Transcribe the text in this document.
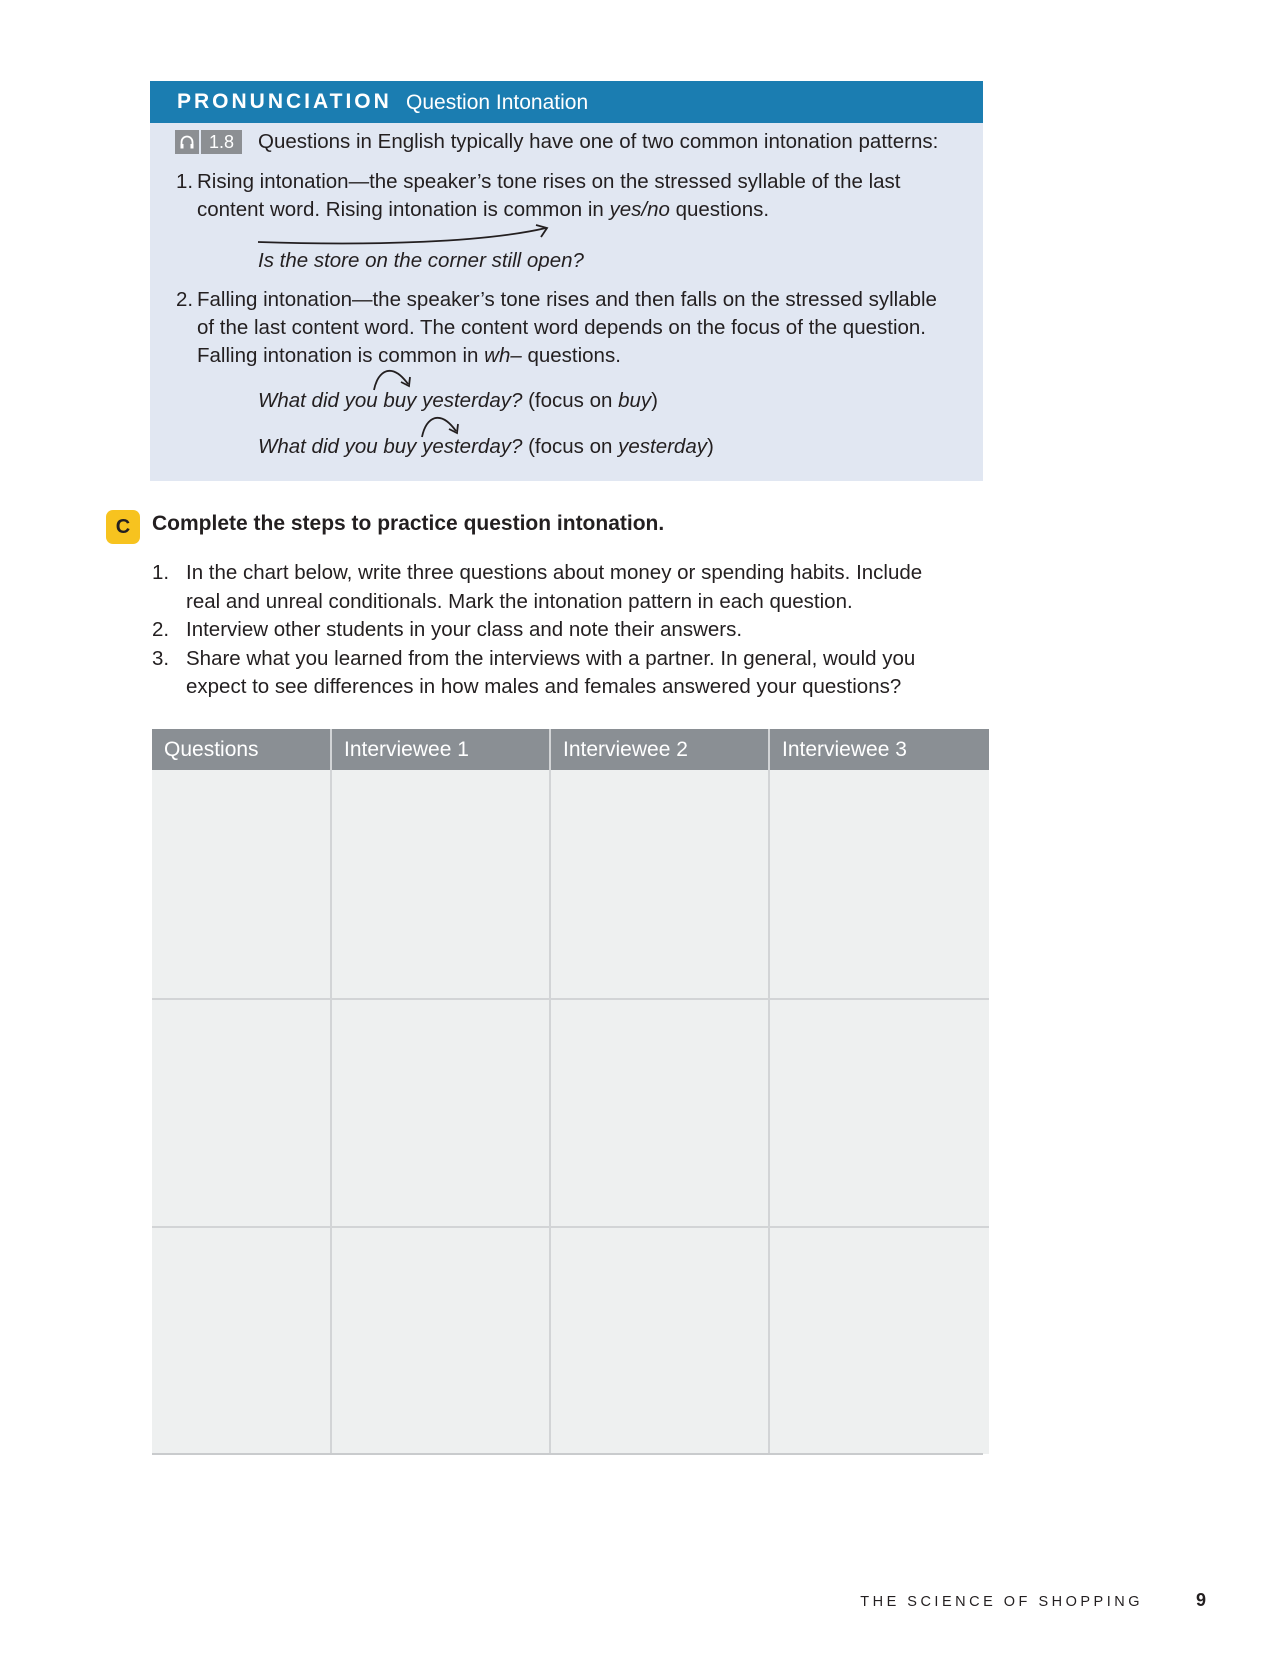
PRONUNCIATION Question Intonation
1.8	Questions in English typically have one of two common intonation patterns:
1. Rising intonation—the speaker’s tone rises on the stressed syllable of the last
content word. Rising intonation is common in yes/no questions.
Is the store on the corner still open?
2. Falling intonation—the speaker’s tone rises and then falls on the stressed syllable
of the last content word. The content word depends on the focus of the question.
Falling intonation is common in wh– questions.
What did you buy yesterday? (focus on buy)
What did you buy yesterday? (focus on yesterday)
C	Complete the steps to practice question intonation.
1. In the chart below, write three questions about money or spending habits. Include
real and unreal conditionals. Mark the intonation pattern in each question.
2. Interview other students in your class and note their answers.
3. Share what you learned from the interviews with a partner. In general, would you
expect to see differences in how males and females answered your questions?
Questions	Interviewee 1	Interviewee 2	Interviewee 3
THE SCIENCE OF SHOPPING	9
